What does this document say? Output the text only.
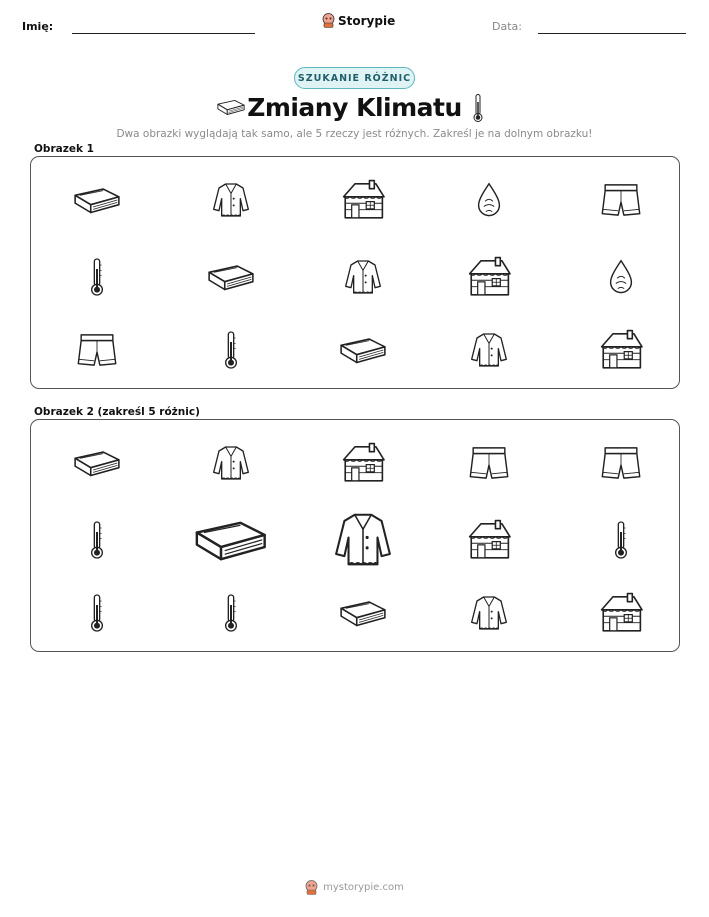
Imię:	Storypie	Data:
SZUKANIE RÓŻNIC
Zmiany Klimatu
Dwa obrazki wyglądają tak samo, ale 5 rzeczy jest różnych. Zakreśl je na dolnym obrazku!
Obrazek 1
Obrazek 2 (zakreśl 5 różnic)
mystorypie.com
